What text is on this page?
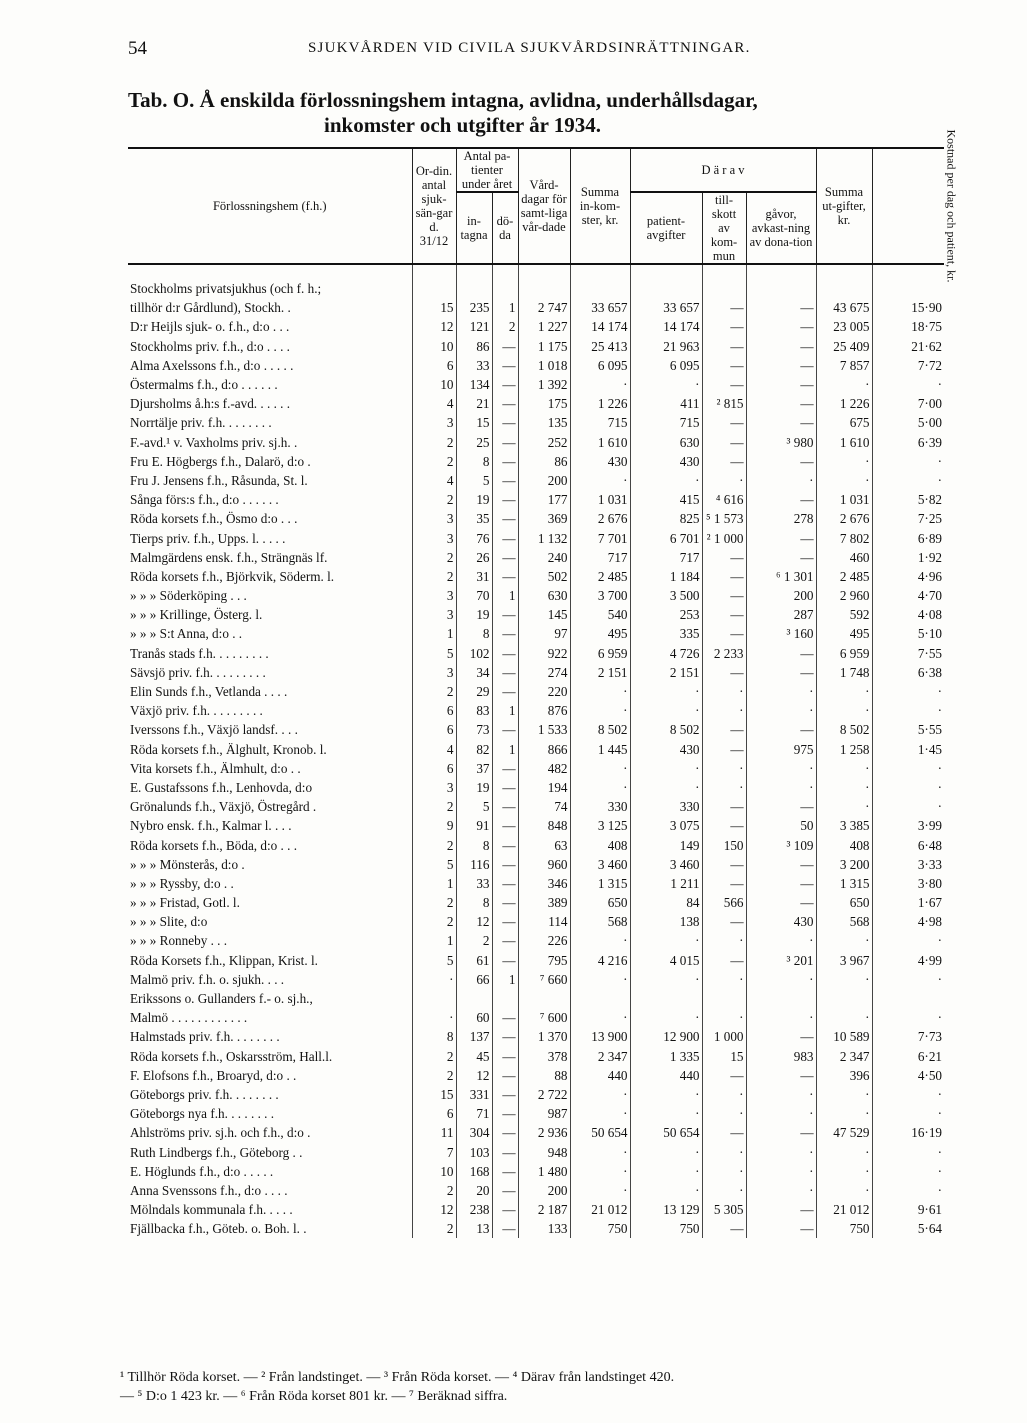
54	SJUKVÅRDEN VID CIVILA SJUKVÅRDSINRÄTTNINGAR.
Tab. O. Å enskilda förlossningshem intagna, avlidna, underhållsdagar,
inkomster och utgifter år 1934.
Förlossningshem (f.h.)	Or-din. antal sjuk-sän-gar d. 31/12	Antal pa-tienter under året		Vård-dagar för samt-liga vår-dade	Summa in-kom-ster, kr.	D ä r a v			Summa ut-gifter, kr.	Kostnad per dag och patient, kr.
		in-tagna	dö-da			patient-avgifter	till-skott av kom-mun	gåvor, avkast-ning av dona-tion		

Stockholms privatsjukhus (och f. h.;										
tillhör d:r Gårdlund), Stockh. .	15	235	1	2 747	33 657	33 657	—	—	43 675	15·90
D:r Heijls sjuk- o. f.h., d:o . . .	12	121	2	1 227	14 174	14 174	—	—	23 005	18·75
Stockholms priv. f.h., d:o . . . .	10	86	—	1 175	25 413	21 963	—	—	25 409	21·62
Alma Axelssons f.h., d:o . . . . .	6	33	—	1 018	6 095	6 095	—	—	7 857	7·72
Östermalms f.h., d:o . . . . . .	10	134	—	1 392	·	·	—	—	·	·
Djursholms å.h:s f.-avd. . . . . .	4	21	—	175	1 226	411	² 815	—	1 226	7·00
Norrtälje priv. f.h. . . . . . . .	3	15	—	135	715	715	—	—	675	5·00
F.-avd.¹ v. Vaxholms priv. sj.h. .	2	25	—	252	1 610	630	—	³ 980	1 610	6·39
Fru E. Högbergs f.h., Dalarö, d:o .	2	8	—	86	430	430	—	—	·	·
Fru J. Jensens f.h., Råsunda, St. l.	4	5	—	200	·	·	·	·	·	·
Sånga förs:s f.h., d:o . . . . . .	2	19	—	177	1 031	415	⁴ 616	—	1 031	5·82
Röda korsets f.h., Ösmo d:o . . .	3	35	—	369	2 676	825	⁵ 1 573	278	2 676	7·25
Tierps priv. f.h., Upps. l. . . . .	3	76	—	1 132	7 701	6 701	² 1 000	—	7 802	6·89
Malmgärdens ensk. f.h., Strängnäs lf.	2	26	—	240	717	717	—	—	460	1·92
Röda korsets f.h., Björkvik, Söderm. l.	2	31	—	502	2 485	1 184	—	⁶ 1 301	2 485	4·96
» » » Söderköping . . .	3	70	1	630	3 700	3 500	—	200	2 960	4·70
» » » Krillinge, Österg. l.	3	19	—	145	540	253	—	287	592	4·08
» » » S:t Anna, d:o . .	1	8	—	97	495	335	—	³ 160	495	5·10
Tranås stads f.h. . . . . . . . .	5	102	—	922	6 959	4 726	2 233	—	6 959	7·55
Sävsjö priv. f.h. . . . . . . . .	3	34	—	274	2 151	2 151	—	—	1 748	6·38
Elin Sunds f.h., Vetlanda . . . .	2	29	—	220	·	·	·	·	·	·
Växjö priv. f.h. . . . . . . . .	6	83	1	876	·	·	·	·	·	·
Iverssons f.h., Växjö landsf. . . .	6	73	—	1 533	8 502	8 502	—	—	8 502	5·55
Röda korsets f.h., Älghult, Kronob. l.	4	82	1	866	1 445	430	—	975	1 258	1·45
Vita korsets f.h., Älmhult, d:o . .	6	37	—	482	·	·	·	·	·	·
E. Gustafssons f.h., Lenhovda, d:o	3	19	—	194	·	·	·	·	·	·
Grönalunds f.h., Växjö, Östregård .	2	5	—	74	330	330	—	—	·	·
Nybro ensk. f.h., Kalmar l. . . .	9	91	—	848	3 125	3 075	—	50	3 385	3·99
Röda korsets f.h., Böda, d:o . . .	2	8	—	63	408	149	150	³ 109	408	6·48
» » » Mönsterås, d:o .	5	116	—	960	3 460	3 460	—	—	3 200	3·33
» » » Ryssby, d:o . .	1	33	—	346	1 315	1 211	—	—	1 315	3·80
» » » Fristad, Gotl. l.	2	8	—	389	650	84	566	—	650	1·67
» » » Slite, d:o	2	12	—	114	568	138	—	430	568	4·98
» » » Ronneby . . .	1	2	—	226	·	·	·	·	·	·
Röda Korsets f.h., Klippan, Krist. l.	5	61	—	795	4 216	4 015	—	³ 201	3 967	4·99
Malmö priv. f.h. o. sjukh. . . .	·	66	1	⁷ 660	·	·	·	·	·	·
Erikssons o. Gullanders f.- o. sj.h.,										
Malmö . . . . . . . . . . . .	·	60	—	⁷ 600	·	·	·	·	·	·
Halmstads priv. f.h. . . . . . . .	8	137	—	1 370	13 900	12 900	1 000	—	10 589	7·73
Röda korsets f.h., Oskarsström, Hall.l.	2	45	—	378	2 347	1 335	15	983	2 347	6·21
F. Elofsons f.h., Broaryd, d:o . .	2	12	—	88	440	440	—	—	396	4·50
Göteborgs priv. f.h. . . . . . . .	15	331	—	2 722	·	·	·	·	·	·
Göteborgs nya f.h. . . . . . . .	6	71	—	987	·	·	·	·	·	·
Ahlströms priv. sj.h. och f.h., d:o .	11	304	—	2 936	50 654	50 654	—	—	47 529	16·19
Ruth Lindbergs f.h., Göteborg . .	7	103	—	948	·	·	·	·	·	·
E. Höglunds f.h., d:o . . . . .	10	168	—	1 480	·	·	·	·	·	·
Anna Svenssons f.h., d:o . . . .	2	20	—	200	·	·	·	·	·	·
Mölndals kommunala f.h. . . . .	12	238	—	2 187	21 012	13 129	5 305	—	21 012	9·61
Fjällbacka f.h., Göteb. o. Boh. l. .	2	13	—	133	750	750	—	—	750	5·64
¹ Tillhör Röda korset. — ² Från landstinget. — ³ Från Röda korset. — ⁴ Därav från landstinget 420.
— ⁵ D:o 1 423 kr. — ⁶ Från Röda korset 801 kr. — ⁷ Beräknad siffra.
